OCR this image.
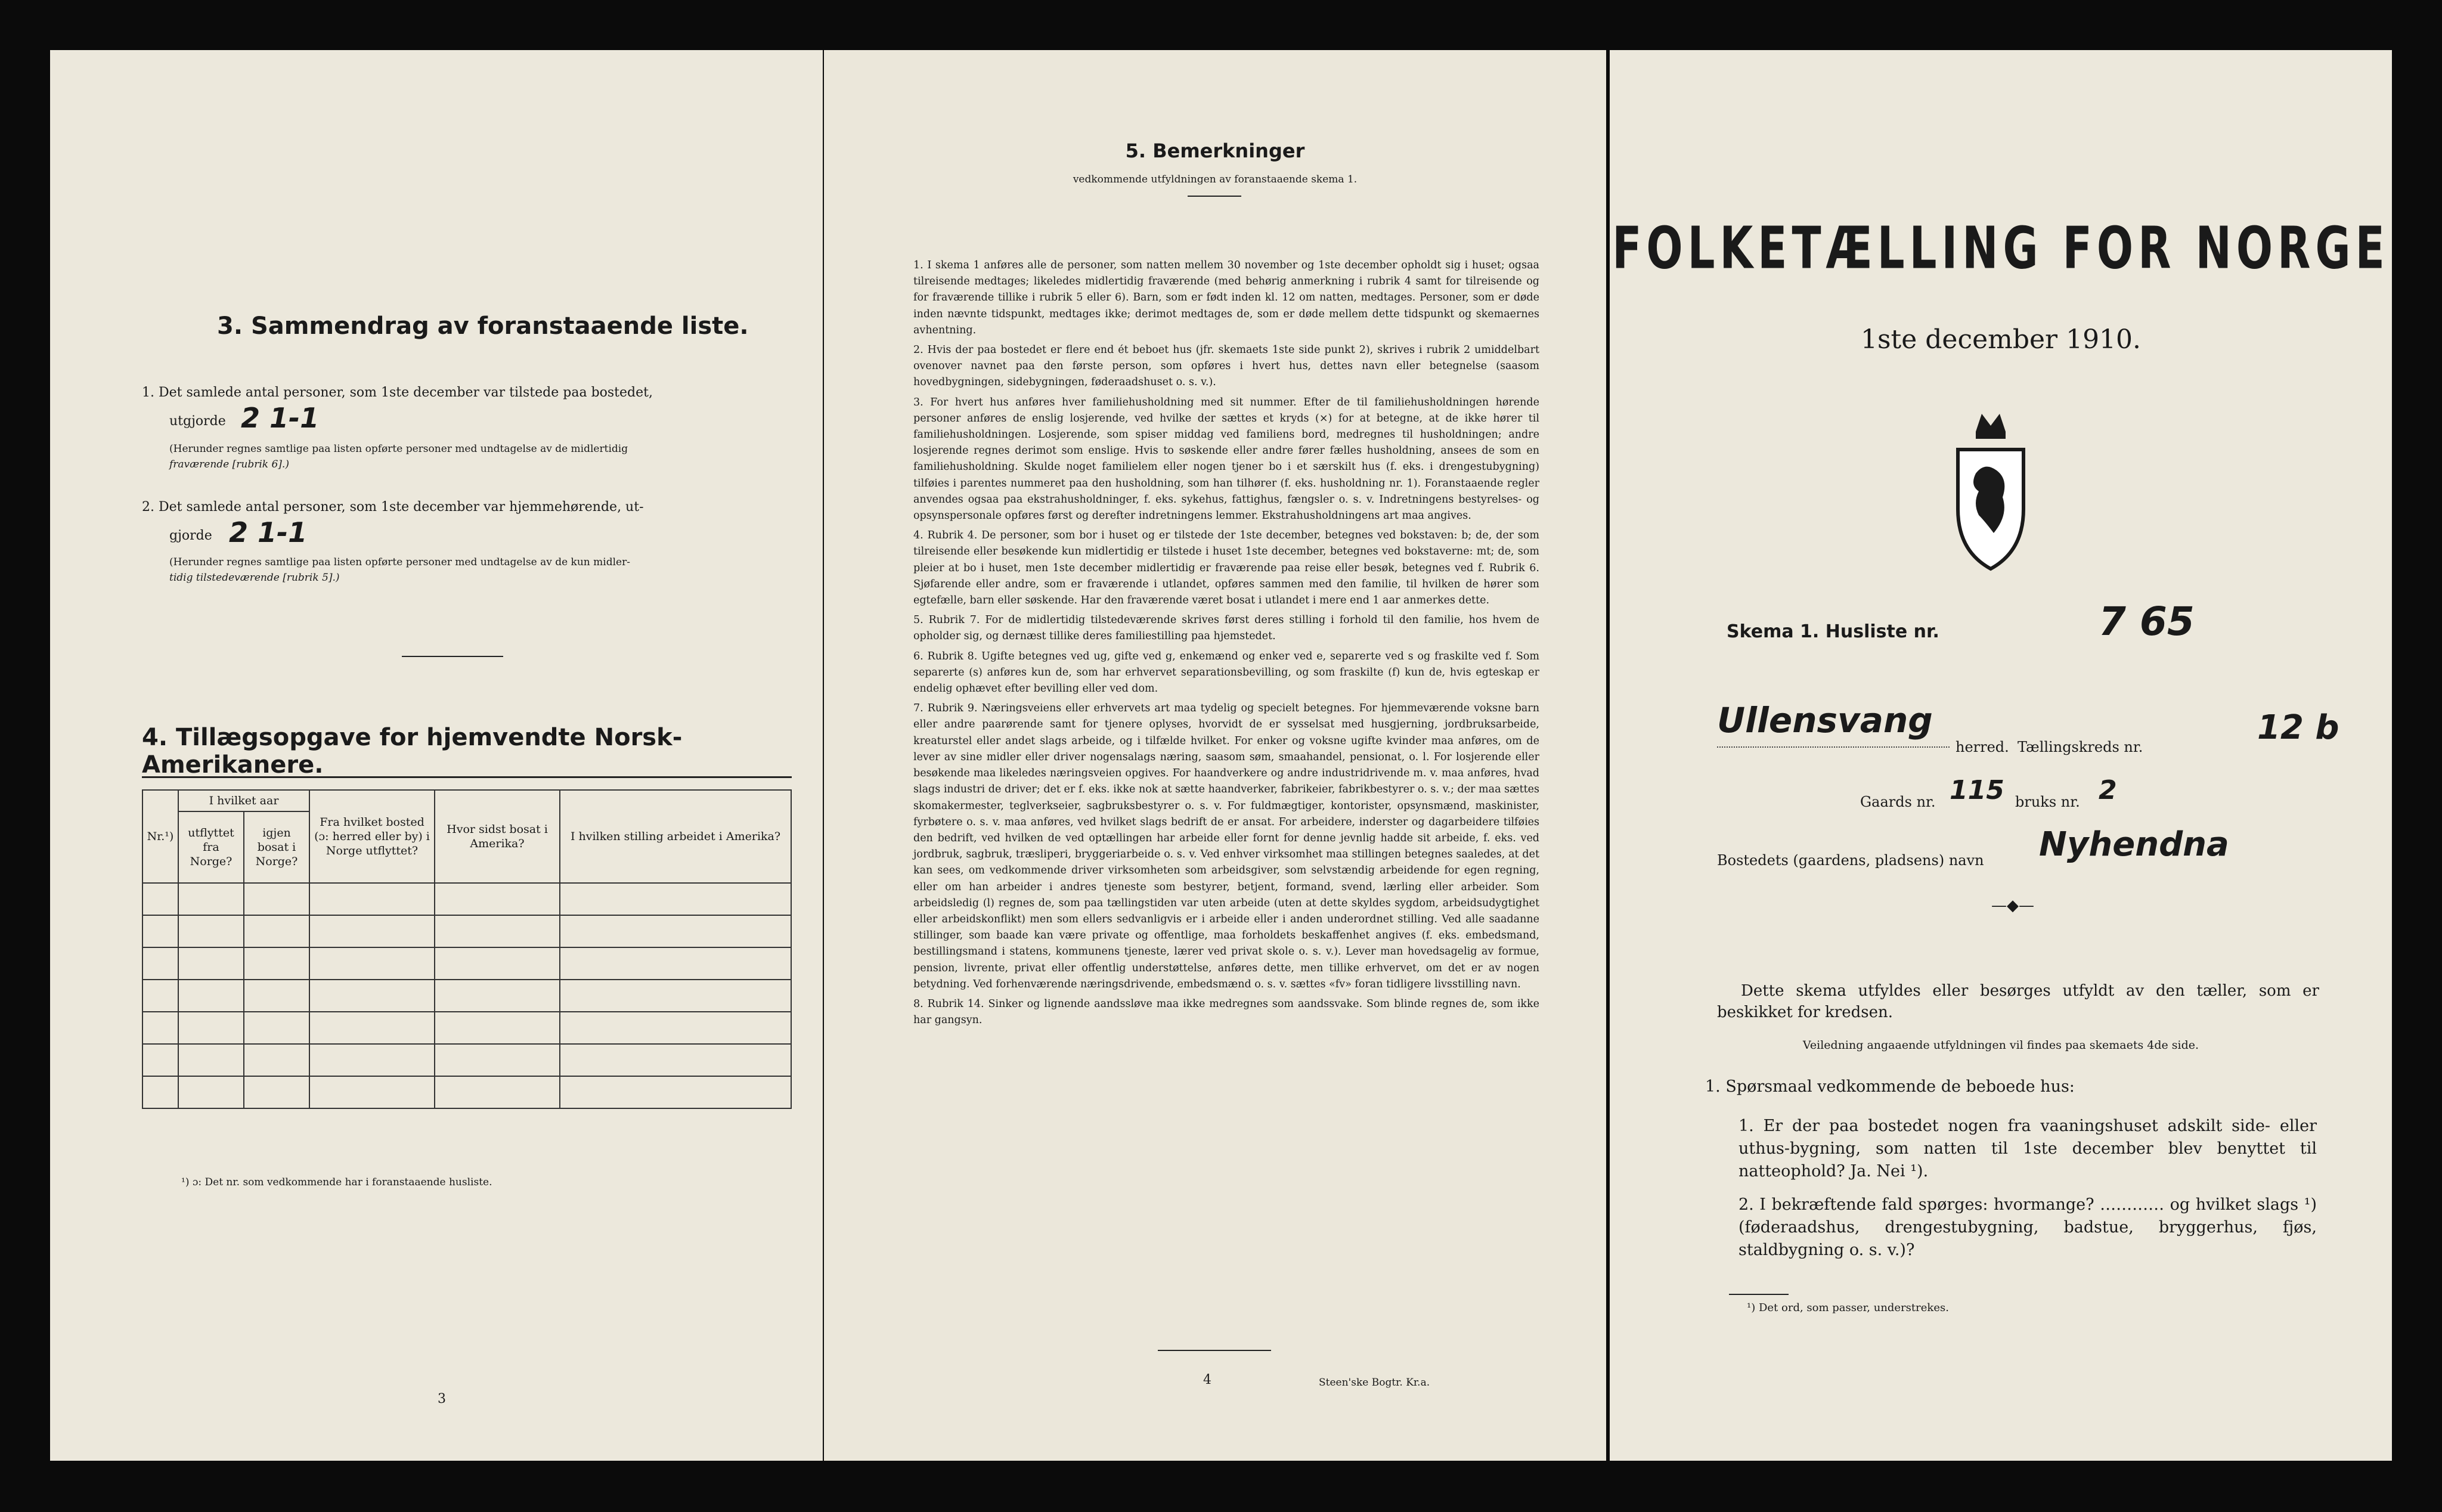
3. Sammendrag av foranstaaende liste.
1. Det samlede antal personer, som 1ste december var tilstede paa bostedet,
utgjorde 2 1-1
(Herunder regnes samtlige paa listen opførte personer med undtagelse av de midlertidig
fraværende [rubrik 6].)
2. Det samlede antal personer, som 1ste december var hjemmehørende, ut-
gjorde 2 1-1
(Herunder regnes samtlige paa listen opførte personer med undtagelse av de kun midler-
tidig tilstedeværende [rubrik 5].)
4. Tillægsopgave for hjemvendte Norsk-Amerikanere.
Nr.¹)	I hvilket aar		Fra hvilket bosted (ɔ: herred eller by) i Norge utflyttet?	Hvor sidst bosat i Amerika?	I hvilken stilling arbeidet i Amerika?
	utflyttet fra Norge?	igjen bosat i Norge?			

¹) ɔ: Det nr. som vedkommende har i foranstaaende husliste.
3
5. Bemerkninger
vedkommende utfyldningen av foranstaaende skema 1.
1. I skema 1 anføres alle de personer, som natten mellem 30 november og 1ste december opholdt sig i huset; ogsaa tilreisende medtages; likeledes midlertidig fraværende (med behørig anmerkning i rubrik 4 samt for tilreisende og for fraværende tillike i rubrik 5 eller 6). Barn, som er født inden kl. 12 om natten, medtages. Personer, som er døde inden nævnte tidspunkt, medtages ikke; derimot medtages de, som er døde mellem dette tidspunkt og skemaernes avhentning.
2. Hvis der paa bostedet er flere end ét beboet hus (jfr. skemaets 1ste side punkt 2), skrives i rubrik 2 umiddelbart ovenover navnet paa den første person, som opføres i hvert hus, dettes navn eller betegnelse (saasom hovedbygningen, sidebygningen, føderaadshuset o. s. v.).
3. For hvert hus anføres hver familiehusholdning med sit nummer. Efter de til familiehusholdningen hørende personer anføres de enslig losjerende, ved hvilke der sættes et kryds (×) for at betegne, at de ikke hører til familiehusholdningen. Losjerende, som spiser middag ved familiens bord, medregnes til husholdningen; andre losjerende regnes derimot som enslige. Hvis to søskende eller andre fører fælles husholdning, ansees de som en familiehusholdning. Skulde noget familielem eller nogen tjener bo i et særskilt hus (f. eks. i drengestubygning) tilføies i parentes nummeret paa den husholdning, som han tilhører (f. eks. husholdning nr. 1). Foranstaaende regler anvendes ogsaa paa ekstrahusholdninger, f. eks. sykehus, fattighus, fængsler o. s. v. Indretningens bestyrelses- og opsynspersonale opføres først og derefter indretningens lemmer. Ekstrahusholdningens art maa angives.
4. Rubrik 4. De personer, som bor i huset og er tilstede der 1ste december, betegnes ved bokstaven: b; de, der som tilreisende eller besøkende kun midlertidig er tilstede i huset 1ste december, betegnes ved bokstaverne: mt; de, som pleier at bo i huset, men 1ste december midlertidig er fraværende paa reise eller besøk, betegnes ved f. Rubrik 6. Sjøfarende eller andre, som er fraværende i utlandet, opføres sammen med den familie, til hvilken de hører som egtefælle, barn eller søskende. Har den fraværende været bosat i utlandet i mere end 1 aar anmerkes dette.
5. Rubrik 7. For de midlertidig tilstedeværende skrives først deres stilling i forhold til den familie, hos hvem de opholder sig, og dernæst tillike deres familiestilling paa hjemstedet.
6. Rubrik 8. Ugifte betegnes ved ug, gifte ved g, enkemænd og enker ved e, separerte ved s og fraskilte ved f. Som separerte (s) anføres kun de, som har erhvervet separationsbevilling, og som fraskilte (f) kun de, hvis egteskap er endelig ophævet efter bevilling eller ved dom.
7. Rubrik 9. Næringsveiens eller erhvervets art maa tydelig og specielt betegnes. For hjemmeværende voksne barn eller andre paarørende samt for tjenere oplyses, hvorvidt de er sysselsat med husgjerning, jordbruksarbeide, kreaturstel eller andet slags arbeide, og i tilfælde hvilket. For enker og voksne ugifte kvinder maa anføres, om de lever av sine midler eller driver nogensalags næring, saasom søm, smaahandel, pensionat, o. l. For losjerende eller besøkende maa likeledes næringsveien opgives. For haandverkere og andre industridrivende m. v. maa anføres, hvad slags industri de driver; det er f. eks. ikke nok at sætte haandverker, fabrikeier, fabrikbestyrer o. s. v.; der maa sættes skomakermester, teglverkseier, sagbruksbestyrer o. s. v. For fuldmægtiger, kontorister, opsynsmænd, maskinister, fyrbøtere o. s. v. maa anføres, ved hvilket slags bedrift de er ansat. For arbeidere, inderster og dagarbeidere tilføies den bedrift, ved hvilken de ved optællingen har arbeide eller fornt for denne jevnlig hadde sit arbeide, f. eks. ved jordbruk, sagbruk, træsliperi, bryggeriarbeide o. s. v. Ved enhver virksomhet maa stillingen betegnes saaledes, at det kan sees, om vedkommende driver virksomheten som arbeidsgiver, som selvstændig arbeidende for egen regning, eller om han arbeider i andres tjeneste som bestyrer, betjent, formand, svend, lærling eller arbeider. Som arbeidsledig (l) regnes de, som paa tællingstiden var uten arbeide (uten at dette skyldes sygdom, arbeidsudygtighet eller arbeidskonflikt) men som ellers sedvanligvis er i arbeide eller i anden underordnet stilling. Ved alle saadanne stillinger, som baade kan være private og offentlige, maa forholdets beskaffenhet angives (f. eks. embedsmand, bestillingsmand i statens, kommunens tjeneste, lærer ved privat skole o. s. v.). Lever man hovedsagelig av formue, pension, livrente, privat eller offentlig understøttelse, anføres dette, men tillike erhvervet, om det er av nogen betydning. Ved forhenværende næringsdrivende, embedsmænd o. s. v. sættes «fv» foran tidligere livsstilling navn.
8. Rubrik 14. Sinker og lignende aandssløve maa ikke medregnes som aandssvake. Som blinde regnes de, som ikke har gangsyn.
4	Steen'ske Bogtr. Kr.a.
FOLKETÆLLING FOR NORGE
1ste december 1910.
Skema 1. Husliste nr.	7 65
Ullensvang
herred. Tællingskreds nr.	12 b
Gaards nr. 115 bruks nr. 2
Bostedets (gaardens, pladsens) navn Nyhendna
—◆—
Dette skema utfyldes eller besørges utfyldt av den tæller, som er beskikket for kredsen.
Veiledning angaaende utfyldningen vil findes paa skemaets 4de side.
1. Spørsmaal vedkommende de beboede hus:
1. Er der paa bostedet nogen fra vaaningshuset adskilt side- eller uthus-bygning, som natten til 1ste december blev benyttet til natteophold? Ja. Nei ¹).
2. I bekræftende fald spørges: hvormange? ………… og hvilket slags ¹) (føderaadshus, drengestubygning, badstue, bryggerhus, fjøs, staldbygning o. s. v.)?
¹) Det ord, som passer, understrekes.
